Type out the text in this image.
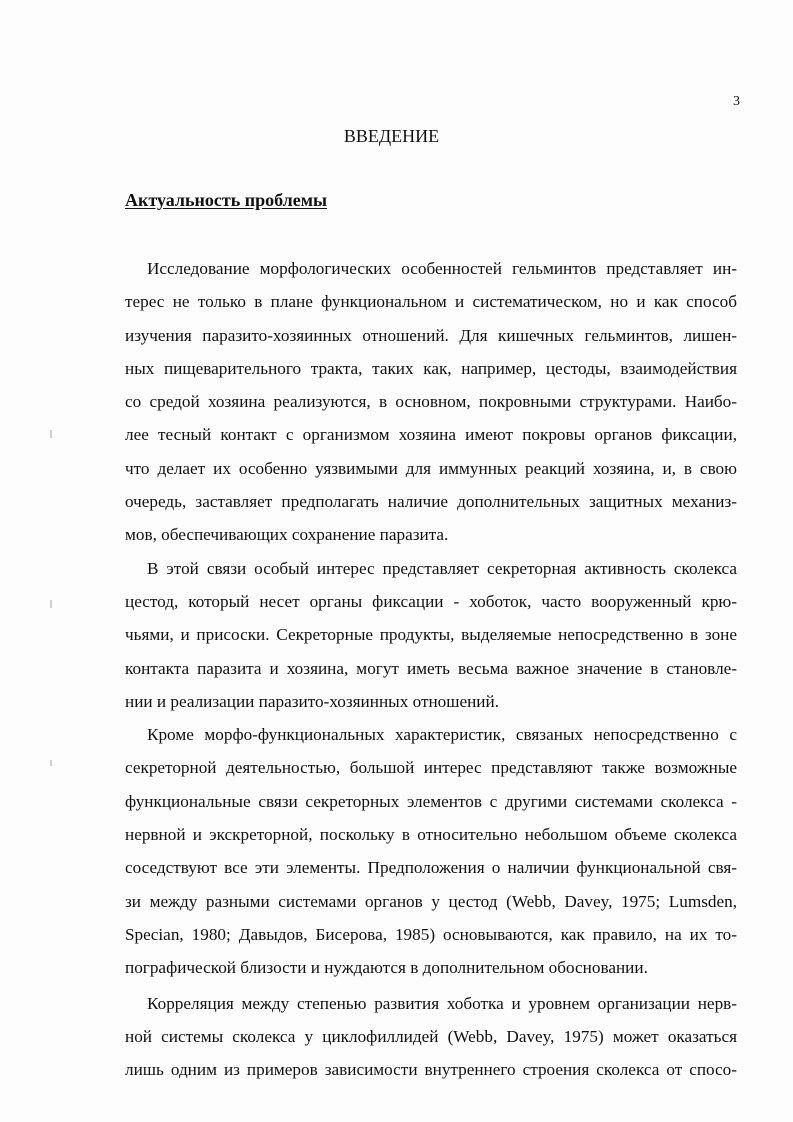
3
ВВЕДЕНИЕ
Актуальность проблемы
Исследование морфологических особенностей гельминтов представляет ин-
терес не только в плане функциональном и систематическом, но и как способ
изучения паразито-хозяинных отношений. Для кишечных гельминтов, лишен-
ных пищеварительного тракта, таких как, например, цестоды, взаимодействия
со средой хозяина реализуются, в основном, покровными структурами. Наибо-
лее тесный контакт с организмом хозяина имеют покровы органов фиксации,
что делает их особенно уязвимыми для иммунных реакций хозяина, и, в свою
очередь, заставляет предполагать наличие дополнительных защитных механиз-
мов, обеспечивающих сохранение паразита.
В этой связи особый интерес представляет секреторная активность сколекса
цестод, который несет органы фиксации - хоботок, часто вооруженный крю-
чьями, и присоски. Секреторные продукты, выделяемые непосредственно в зоне
контакта паразита и хозяина, могут иметь весьма важное значение в становле-
нии и реализации паразито-хозяинных отношений.
Кроме морфо-функциональных характеристик, связаных непосредственно с
секреторной деятельностью, большой интерес представляют также возможные
функциональные связи секреторных элементов с другими системами сколекса -
нервной и экскреторной, поскольку в относительно небольшом объеме сколекса
соседствуют все эти элементы. Предположения о наличии функциональной свя-
зи между разными системами органов у цестод (Webb, Davey, 1975; Lumsden,
Specian, 1980; Давыдов, Бисерова, 1985) основываются, как правило, на их то-
пографической близости и нуждаются в дополнительном обосновании.
Корреляция между степенью развития хоботка и уровнем организации нерв-
ной системы сколекса у циклофиллидей (Webb, Davey, 1975) может оказаться
лишь одним из примеров зависимости внутреннего строения сколекса от спосо-
